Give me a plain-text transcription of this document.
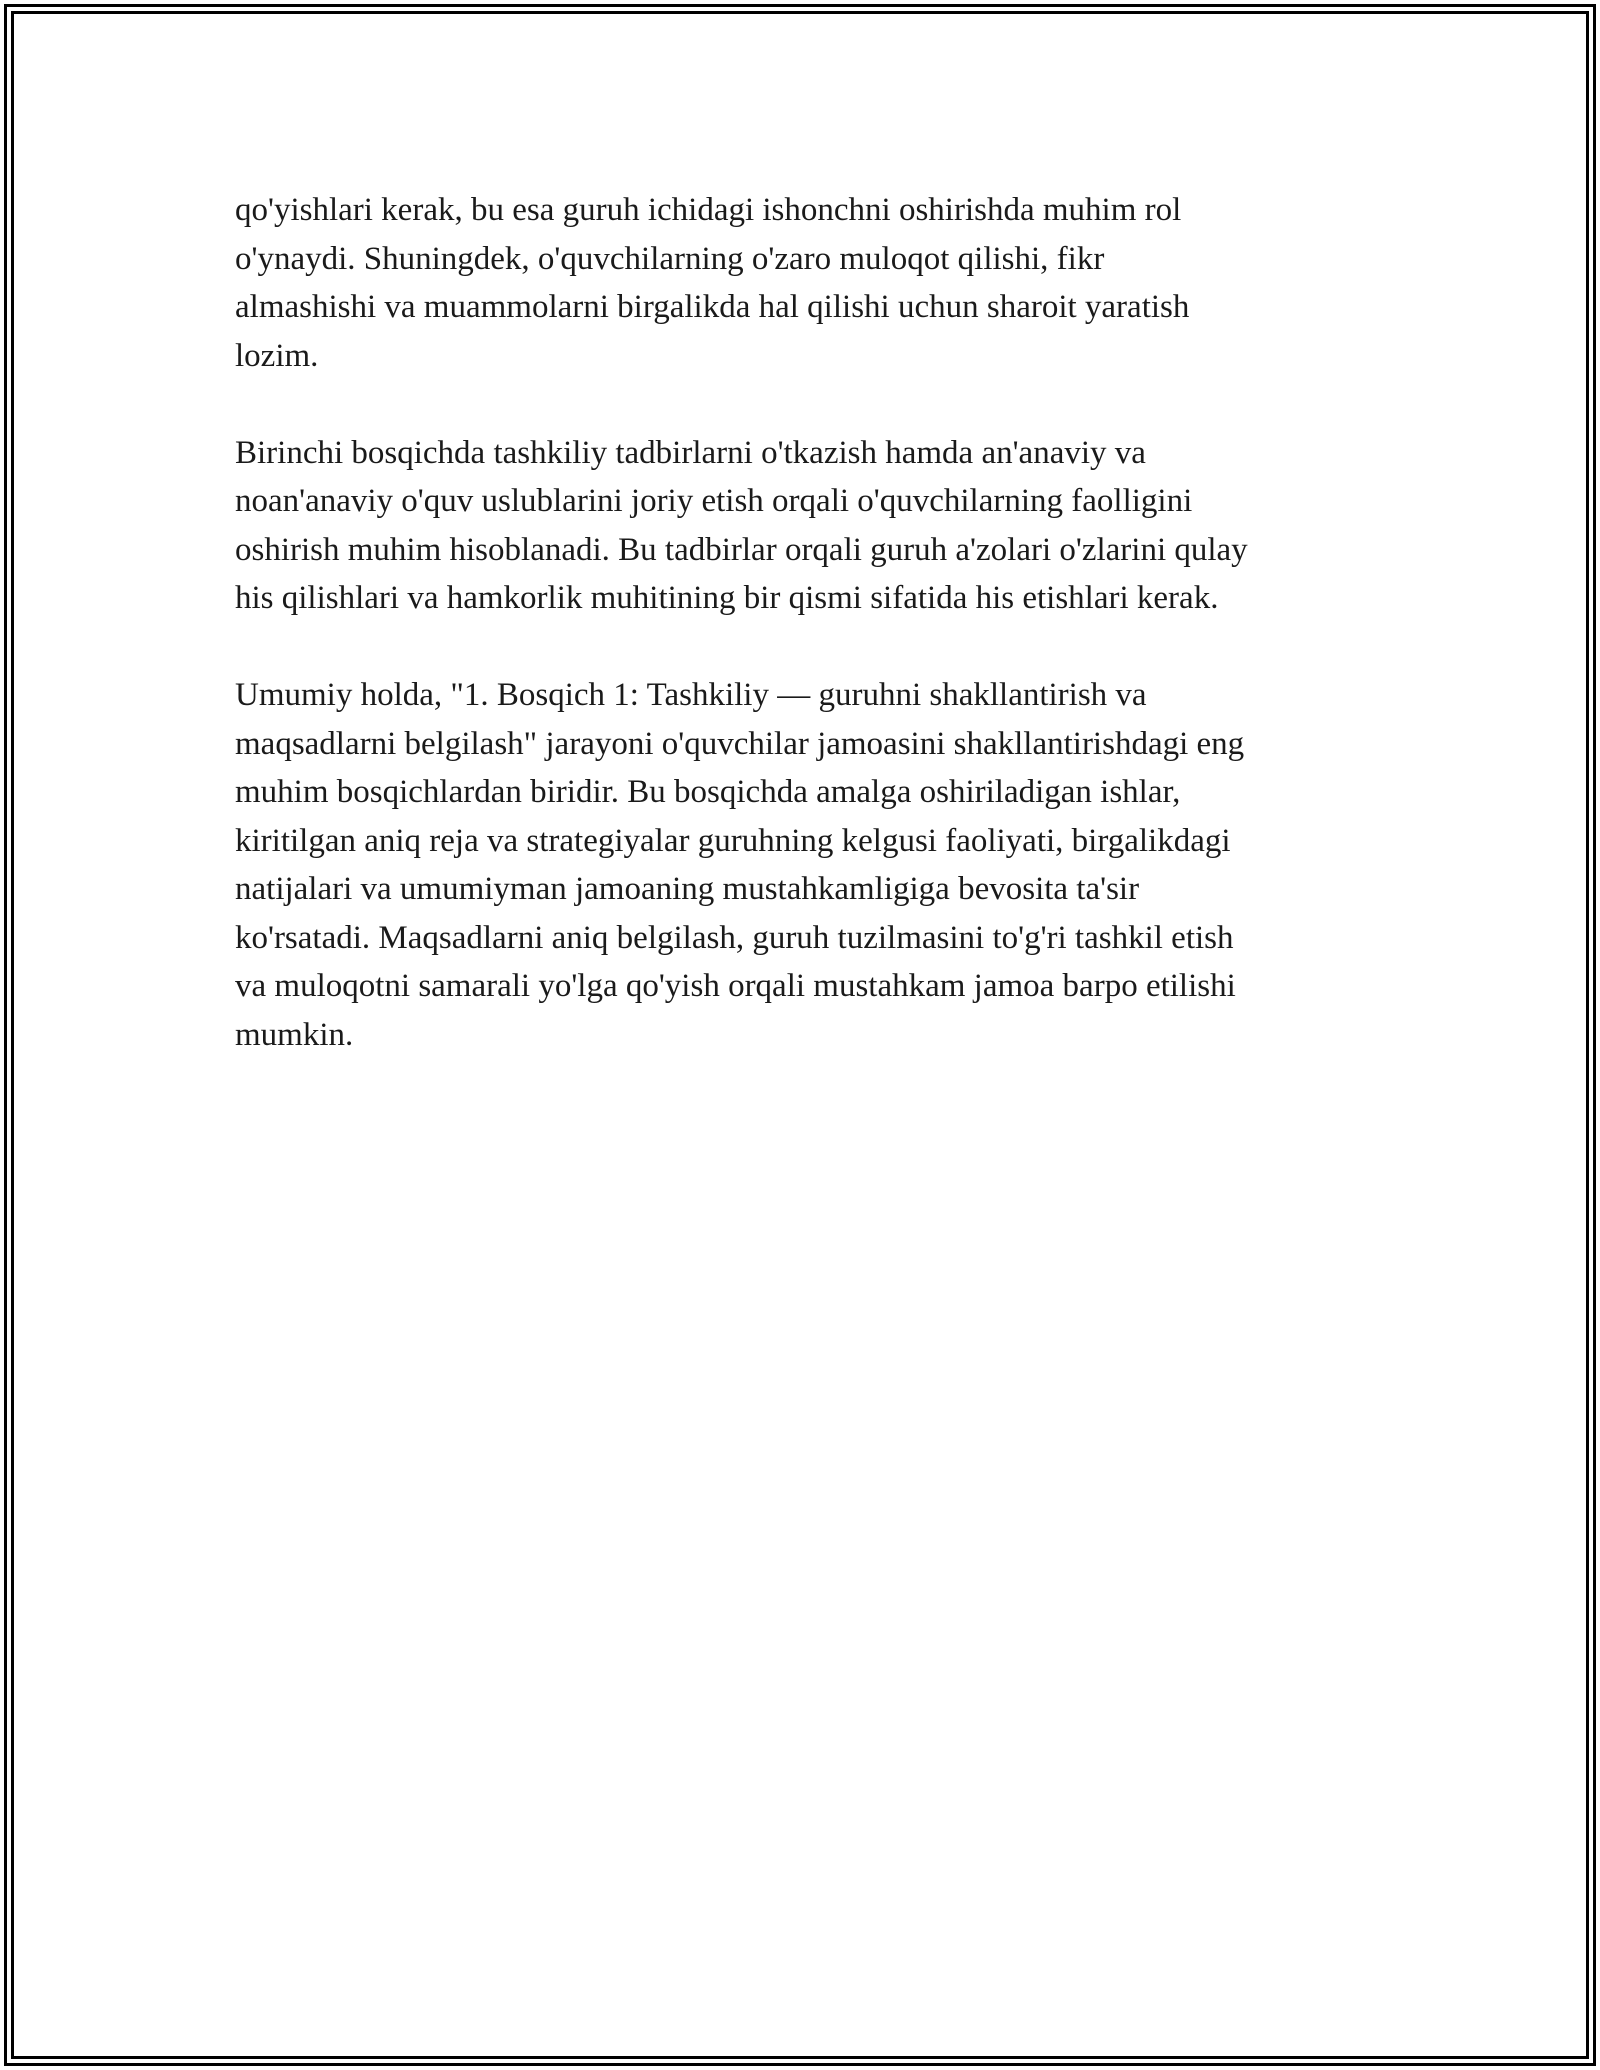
qo'yishlari kerak, bu esa guruh ichidagi ishonchni oshirishda muhim rol
o'ynaydi. Shuningdek, o'quvchilarning o'zaro muloqot qilishi, fikr
almashishi va muammolarni birgalikda hal qilishi uchun sharoit yaratish
lozim.

Birinchi bosqichda tashkiliy tadbirlarni o'tkazish hamda an'anaviy va
noan'anaviy o'quv uslublarini joriy etish orqali o'quvchilarning faolligini
oshirish muhim hisoblanadi. Bu tadbirlar orqali guruh a'zolari o'zlarini qulay
his qilishlari va hamkorlik muhitining bir qismi sifatida his etishlari kerak.

Umumiy holda, "1. Bosqich 1: Tashkiliy — guruhni shakllantirish va
maqsadlarni belgilash" jarayoni o'quvchilar jamoasini shakllantirishdagi eng
muhim bosqichlardan biridir. Bu bosqichda amalga oshiriladigan ishlar,
kiritilgan aniq reja va strategiyalar guruhning kelgusi faoliyati, birgalikdagi
natijalari va umumiyman jamoaning mustahkamligiga bevosita ta'sir
ko'rsatadi. Maqsadlarni aniq belgilash, guruh tuzilmasini to'g'ri tashkil etish
va muloqotni samarali yo'lga qo'yish orqali mustahkam jamoa barpo etilishi
mumkin.
